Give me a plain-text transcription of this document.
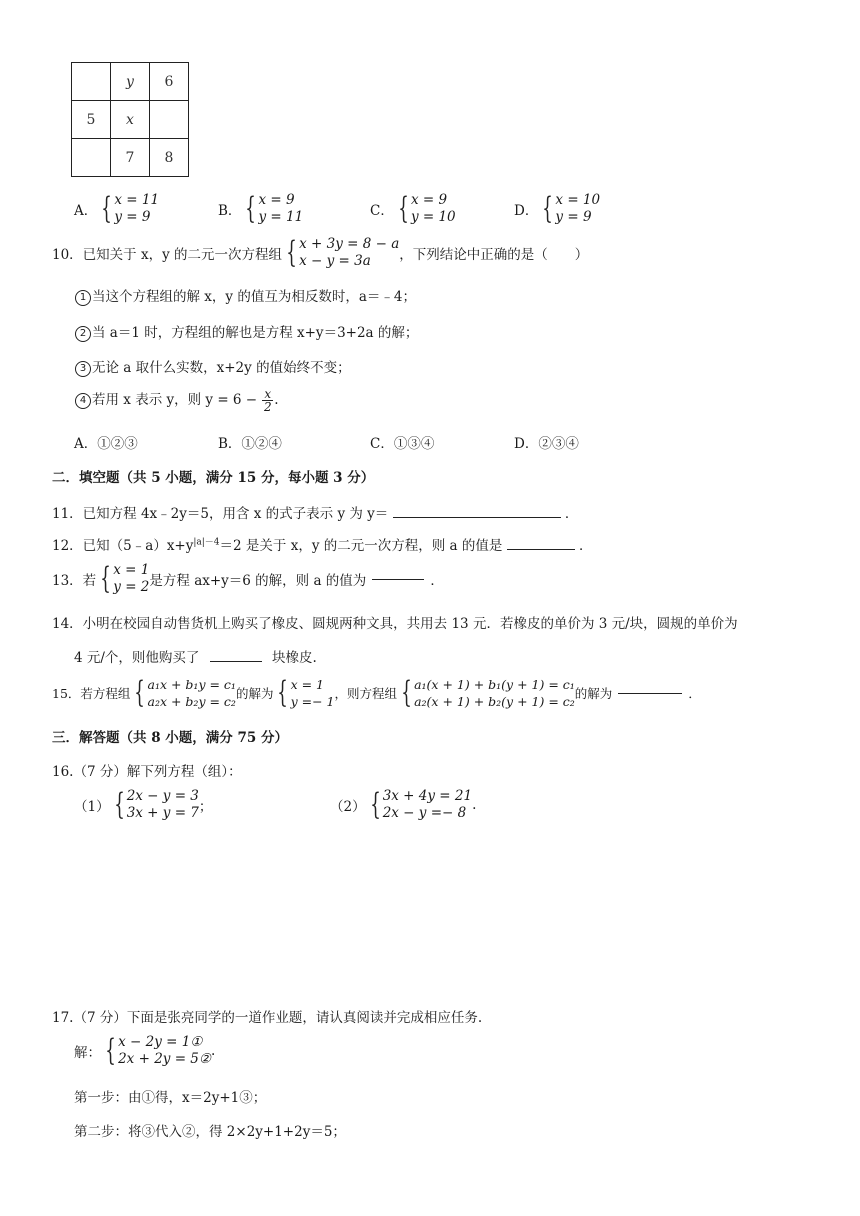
	y	6
5	x	
	7	8
A． { x = 11
y = 9	B． { x = 9
y = 11	C． { x = 9
y = 10	D． { x = 10
y = 9
10．已知关于 x，y 的二元一次方程组 { x + 3y = 8 − a
x − y = 3a	，下列结论中正确的是（　　）
1 当这个方程组的解 x，y 的值互为相反数时，a＝﹣4；
2 当 a＝1 时，方程组的解也是方程 x+y＝3+2a 的解；
3 无论 a 取什么实数，x+2y 的值始终不变；
4 若用 x 表示 y，则 $y = 6 - \frac{x}{2}$ .
A．①②③	B．①②④	C．①③④	D．②③④
二．填空题（共 5 小题，满分 15 分，每小题 3 分）
11．已知方程 4x﹣2y＝5，用含 x 的式子表示 y 为 y＝	．
12．已知$(5﹣a)x+y^{|a|-4}=2$ 是关于 x，y 的二元一次方程，则 a 的值是	．
13．若 { x = 1
y = 2 是方程 ax+y＝6 的解，则 a 的值为	．
14．小明在校园自动售货机上购买了橡皮、圆规两种文具，共用去 13 元．若橡皮的单价为 3 元/块，圆规的单价为
4 元/个，则他购买了	块橡皮.
15．若方程组 { a₁x + b₁y = c₁
a₂x + b₂y = c₂
的解为 { x = 1
y =− 1
，则方程组 { a₁(x + 1) + b₁(y + 1) = c₁
a₂(x + 1) + b₂(y + 1) = c₂
的解为	．
三．解答题（共 8 小题，满分 75 分）
16.（7 分）解下列方程（组）：
（1） { 2x − y = 3
3x + y = 7 ；	（2） { 3x + 4y = 21
2x − y =− 8 .
17.（7 分）下面是张亮同学的一道作业题，请认真阅读并完成相应任务.
解： { x − 2y = 1①
2x + 2y = 5② .
第一步：由①得，x＝2y+1③；
第二步：将③代入②，得 2×2y+1+2y＝5；
